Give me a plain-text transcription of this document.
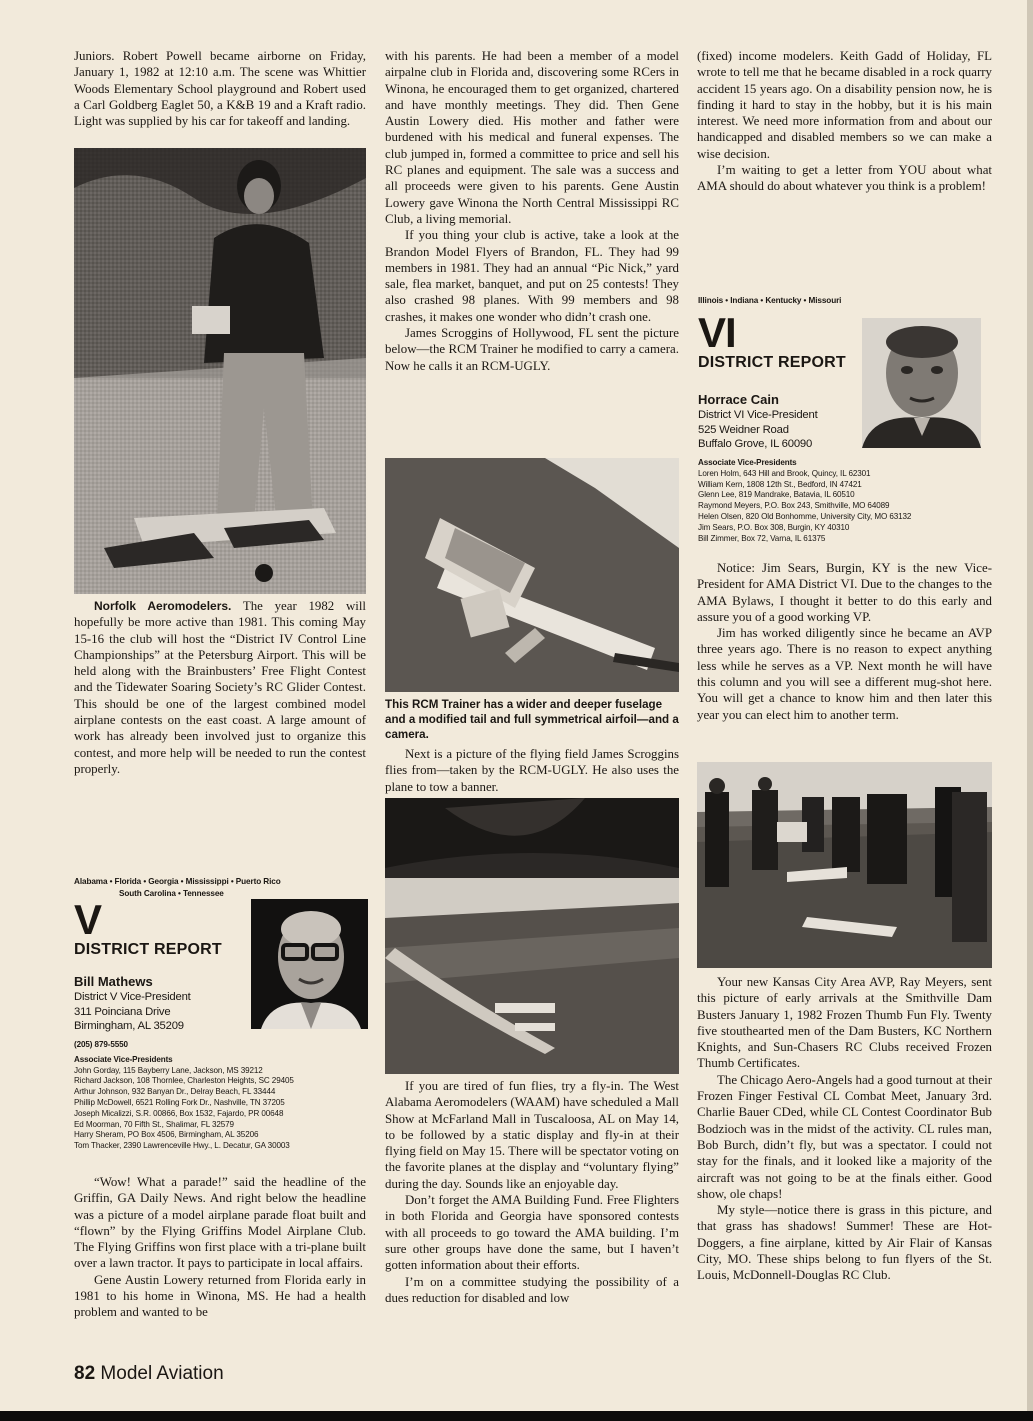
Juniors. Robert Powell became airborne on Friday, January 1, 1982 at 12:10 a.m. The scene was Whittier Woods Elementary School playground and Robert used a Carl Goldberg Eaglet 50, a K&B 19 and a Kraft radio. Light was supplied by his car for takeoff and landing.

Norfolk Aeromodelers. The year 1982 will hopefully be more active than 1981. This coming May 15-16 the club will host the “District IV Control Line Championships” at the Petersburg Airport. This will be held along with the Brainbusters’ Free Flight Contest and the Tidewater Soaring Society’s RC Glider Contest. This should be one of the largest combined model airplane contests on the east coast. A large amount of work has already been involved just to organize this contest, and more help will be needed to run the contest properly.

Alabama • Florida • Georgia • Mississippi • Puerto Rico
South Carolina • Tennessee
V
DISTRICT REPORT
Bill Mathews
District V Vice-President
311 Poinciana Drive
Birmingham, AL 35209
(205) 879-5550
Associate Vice-Presidents
John Gorday, 115 Bayberry Lane, Jackson, MS 39212
Richard Jackson, 108 Thornlee, Charleston Heights, SC 29405
Arthur Johnson, 932 Banyan Dr., Delray Beach, FL 33444
Phillip McDowell, 6521 Rolling Fork Dr., Nashville, TN 37205
Joseph Micalizzi, S.R. 00866, Box 1532, Fajardo, PR 00648
Ed Moorman, 70 Fifth St., Shalimar, FL 32579
Harry Sheram, PO Box 4506, Birmingham, AL 35206
Tom Thacker, 2390 Lawrenceville Hwy., L. Decatur, GA 30003

“Wow! What a parade!” said the headline of the Griffin, GA Daily News. And right below the headline was a picture of a model airplane parade float built and “flown” by the Flying Griffins Model Airplane Club. The Flying Griffins won first place with a tri-plane built over a lawn tractor. It pays to participate in local affairs.

Gene Austin Lowery returned from Florida early in 1981 to his home in Winona, MS. He had a health problem and wanted to be

with his parents. He had been a member of a model airpalne club in Florida and, discovering some RCers in Winona, he encouraged them to get organized, chartered and have monthly meetings. They did. Then Gene Austin Lowery died. His mother and father were burdened with his medical and funeral expenses. The club jumped in, formed a committee to price and sell his RC planes and equipment. The sale was a success and all proceeds were given to his parents. Gene Austin Lowery gave Winona the North Central Mississippi RC Club, a living memorial.

If you thing your club is active, take a look at the Brandon Model Flyers of Brandon, FL. They had 99 members in 1981. They had an annual “Pic Nick,” yard sale, flea market, banquet, and put on 25 contests! They also crashed 98 planes. With 99 members and 98 crashes, it makes one wonder who didn’t crash one.

James Scroggins of Hollywood, FL sent the picture below—the RCM Trainer he modified to carry a camera. Now he calls it an RCM-UGLY.

This RCM Trainer has a wider and deeper fuselage and a modified tail and full symmetrical airfoil—and a camera.

Next is a picture of the flying field James Scroggins flies from—taken by the RCM-UGLY. He also uses the plane to tow a banner.

If you are tired of fun flies, try a fly-in. The West Alabama Aeromodelers (WAAM) have scheduled a Mall Show at McFarland Mall in Tuscaloosa, AL on May 14, to be followed by a static display and fly-in at their flying field on May 15. There will be spectator voting on the favorite planes at the display and “voluntary flying” during the day. Sounds like an enjoyable day.

Don’t forget the AMA Building Fund. Free Flighters in both Florida and Georgia have sponsored contests with all proceeds to go toward the AMA building. I’m sure other groups have done the same, but I haven’t gotten information about their efforts.

I’m on a committee studying the possibility of a dues reduction for disabled and low

(fixed) income modelers. Keith Gadd of Holiday, FL wrote to tell me that he became disabled in a rock quarry accident 15 years ago. On a disability pension now, he is finding it hard to stay in the hobby, but it is his main interest. We need more information from and about our handicapped and disabled members so we can make a wise decision.

I’m waiting to get a letter from YOU about what AMA should do about whatever you think is a problem!

Illinois • Indiana • Kentucky • Missouri
VI
DISTRICT REPORT
Horrace Cain
District VI Vice-President
525 Weidner Road
Buffalo Grove, IL 60090
Associate Vice-Presidents
Loren Holm, 643 Hill and Brook, Quincy, IL 62301
William Kern, 1808 12th St., Bedford, IN 47421
Glenn Lee, 819 Mandrake, Batavia, IL 60510
Raymond Meyers, P.O. Box 243, Smithville, MO 64089
Helen Olsen, 820 Old Bonhomme, University City, MO 63132
Jim Sears, P.O. Box 308, Burgin, KY 40310
Bill Zimmer, Box 72, Varna, IL 61375

Notice: Jim Sears, Burgin, KY is the new Vice-President for AMA District VI. Due to the changes to the AMA Bylaws, I thought it better to do this early and assure you of a good working VP.

Jim has worked diligently since he became an AVP three years ago. There is no reason to expect anything less while he serves as a VP. Next month he will have this column and you will see a different mug-shot here. You will get a chance to know him and then later this year you can elect him to another term.

Your new Kansas City Area AVP, Ray Meyers, sent this picture of early arrivals at the Smithville Dam Busters January 1, 1982 Frozen Thumb Fun Fly. Twenty five stouthearted men of the Dam Busters, KC Northern Knights, and Sun-Chasers RC Clubs received Frozen Thumb Certificates.

The Chicago Aero-Angels had a good turnout at their Frozen Finger Festival CL Combat Meet, January 3rd. Charlie Bauer CDed, while CL Contest Coordinator Bub Bodzioch was in the midst of the activity. CL rules man, Bob Burch, didn’t fly, but was a spectator. I could not stay for the finals, and it looked like a majority of the aircraft was not going to be at the finals either. Good show, ole chaps!

My style—notice there is grass in this picture, and that grass has shadows! Summer! These are Hot-Doggers, a fine airplane, kitted by Air Flair of Kansas City, MO. These ships belong to fun flyers of the St. Louis, McDonnell-Douglas RC Club.

82 Model Aviation
